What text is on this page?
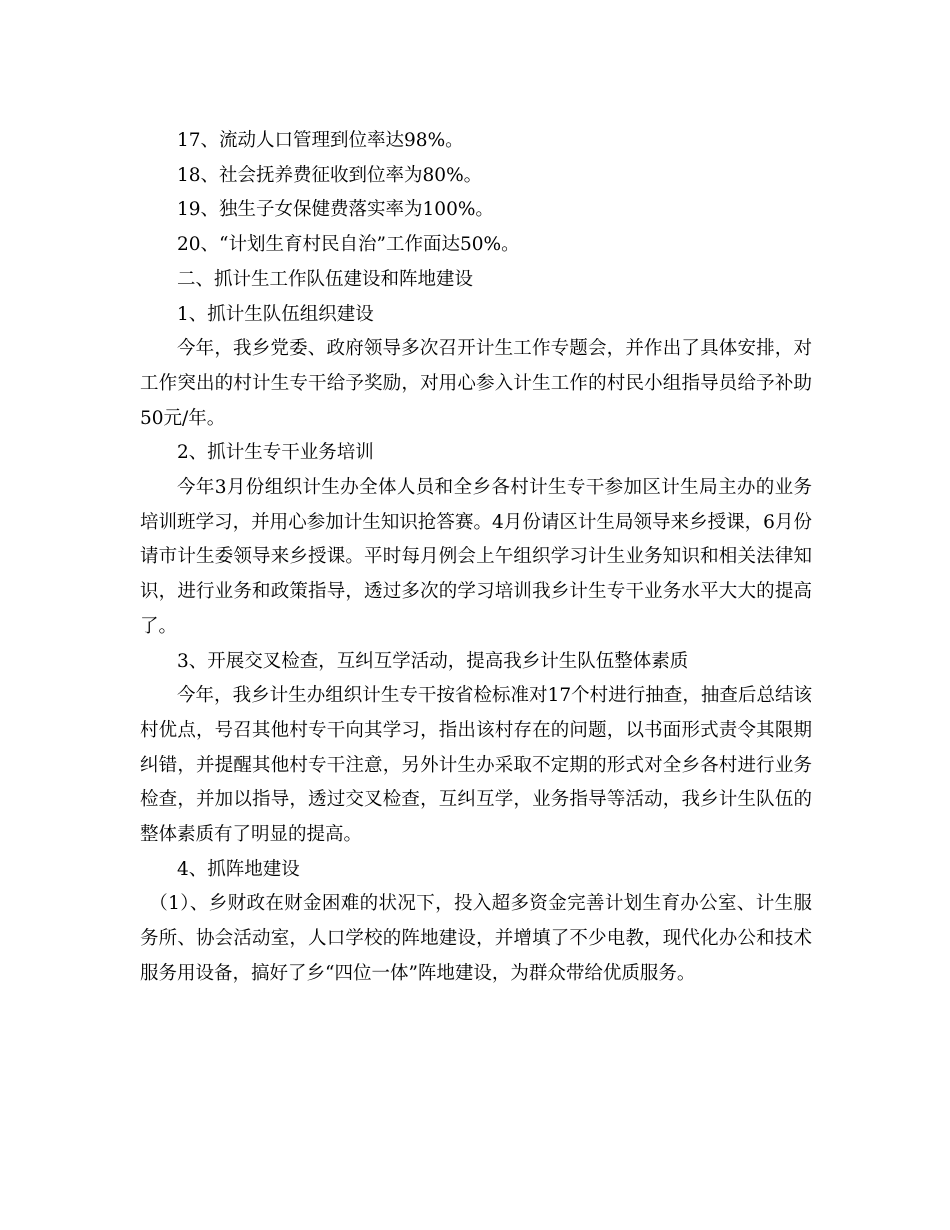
17、流动人口管理到位率达98%。

18、社会抚养费征收到位率为80%。

19、独生子女保健费落实率为100%。

20、“计划生育村民自治”工作面达50%。

二、抓计生工作队伍建设和阵地建设

1、抓计生队伍组织建设

今年，我乡党委、政府领导多次召开计生工作专题会，并作出了具体安排，对工作突出的村计生专干给予奖励，对用心参入计生工作的村民小组指导员给予补助50元/年。

2、抓计生专干业务培训

今年3月份组织计生办全体人员和全乡各村计生专干参加区计生局主办的业务培训班学习，并用心参加计生知识抢答赛。4月份请区计生局领导来乡授课，6月份请市计生委领导来乡授课。平时每月例会上午组织学习计生业务知识和相关法律知识，进行业务和政策指导，透过多次的学习培训我乡计生专干业务水平大大的提高了。

3、开展交叉检查，互纠互学活动，提高我乡计生队伍整体素质

今年，我乡计生办组织计生专干按省检标准对17个村进行抽查，抽查后总结该村优点，号召其他村专干向其学习，指出该村存在的问题，以书面形式责令其限期纠错，并提醒其他村专干注意，另外计生办采取不定期的形式对全乡各村进行业务检查，并加以指导，透过交叉检查，互纠互学，业务指导等活动，我乡计生队伍的整体素质有了明显的提高。

4、抓阵地建设

（1）、乡财政在财金困难的状况下，投入超多资金完善计划生育办公室、计生服务所、协会活动室，人口学校的阵地建设，并增填了不少电教，现代化办公和技术服务用设备，搞好了乡“四位一体”阵地建设，为群众带给优质服务。
